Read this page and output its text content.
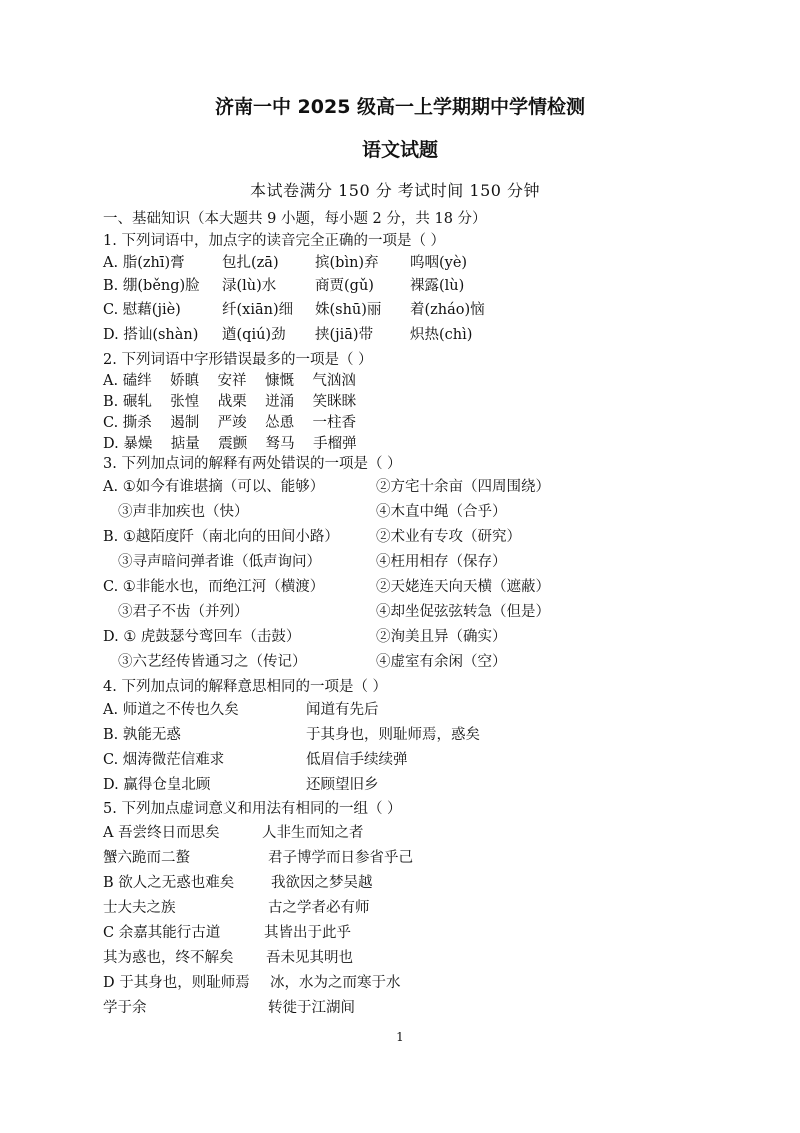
济南一中 2025 级高一上学期期中学情检测
语文试题
本试卷满分 150 分 考试时间 150 分钟
一、基础知识（本大题共 9 小题，每小题 2 分，共 18 分）
1. 下列词语中，加点字的读音完全正确的一项是（ ）
A. 脂(zhī)膏	包扎(zā)	摈(bìn)弃 呜咽(yè)
B. 绷(běng)脸 渌(lù)水	商贾(gǔ) 裸露(lù)
C. 慰藉(jiè)	纤(xiān)细 姝(shū)丽 着(zháo)恼
D. 搭讪(shàn) 遒(qiú)劲 挟(jiā)带	炽热(chì)
2. 下列词语中字形错误最多的一项是（ ）
A. 磕绊    娇瞋    安祥    慷慨    气汹汹
B. 碾轧    张惶    战栗    迸涌    笑眯眯
C. 撕杀    遏制    严竣    怂恿    一柱香
D. 暴燥    掂量    震颤    驽马    手榴弹
3. 下列加点词的解释有两处错误的一项是（ ）
A. ①如今有谁堪摘（可以、能够）	②方宅十余亩（四周围绕）
③声非加疾也（快）	④木直中绳（合乎）
B. ①越陌度阡（南北向的田间小路）	②术业有专攻（研究）
③寻声暗问弹者谁（低声询问）	④枉用相存（保存）
C. ①非能水也，而绝江河（横渡）	②天姥连天向天横（遮蔽）
③君子不齿（并列）	④却坐促弦弦转急（但是）
D. ① 虎鼓瑟兮鸾回车（击鼓）	②洵美且异（确实）
③六艺经传皆通习之（传记）	④虚室有余闲（空）
4. 下列加点词的解释意思相同的一项是（ ）
A. 师道之不传也久矣	闻道有先后
B. 孰能无惑	于其身也，则耻师焉，惑矣
C. 烟涛微茫信难求	低眉信手续续弹
D. 赢得仓皇北顾	还顾望旧乡
5. 下列加点虚词意义和用法有相同的一组（ ）
A 吾尝终日而思矣	人非生而知之者
蟹六跪而二螯	君子博学而日参省乎己
B 欲人之无惑也难矣	我欲因之梦吴越
士大夫之族	古之学者必有师
C 余嘉其能行古道	其皆出于此乎
其为惑也，终不解矣 吾未见其明也
D 于其身也，则耻师焉 冰，水为之而寒于水
学于余	转徙于江湖间
1
